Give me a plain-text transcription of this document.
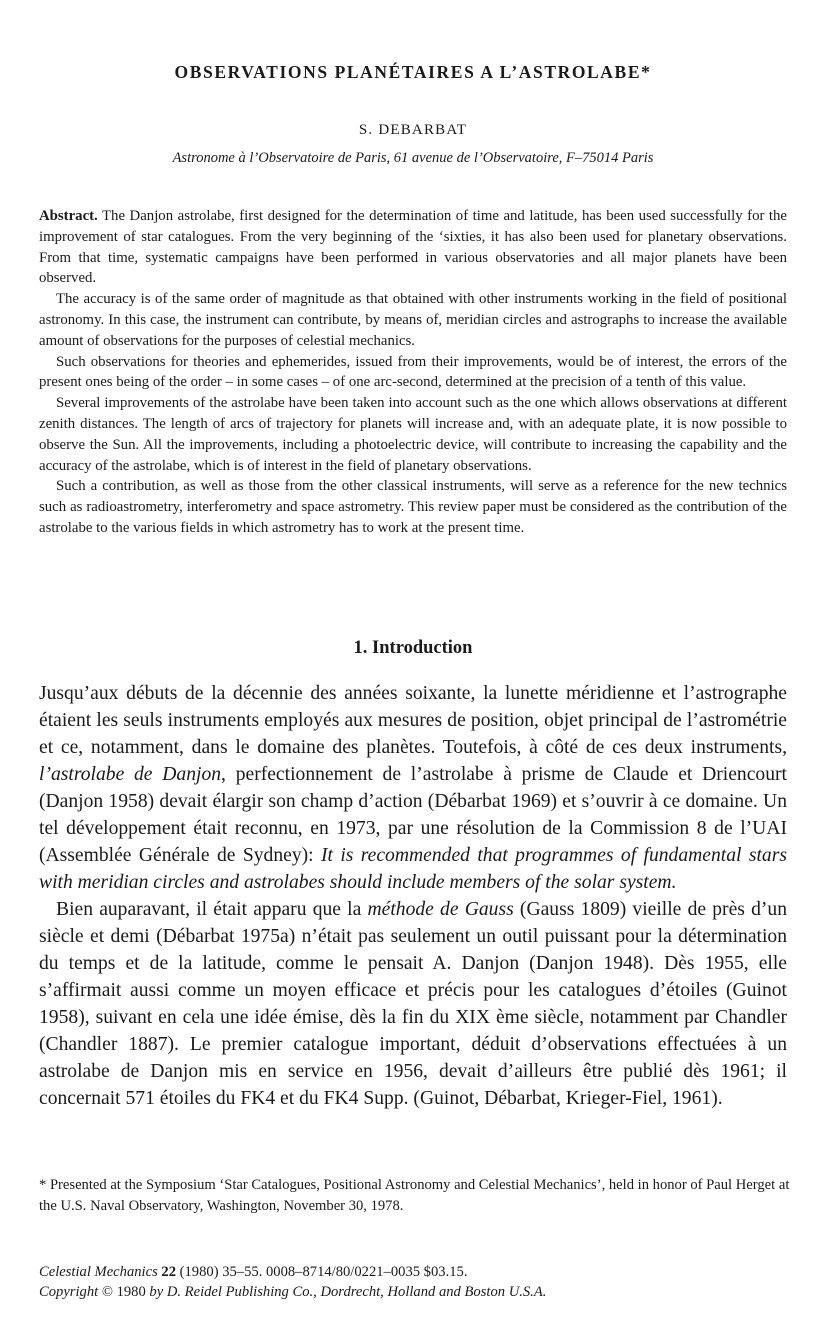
OBSERVATIONS PLANÉTAIRES A L’ASTROLABE*
S. DEBARBAT
Astronome à l’Observatoire de Paris, 61 avenue de l’Observatoire, F–75014 Paris

Abstract. The Danjon astrolabe, first designed for the determination of time and latitude, has been used successfully for the improvement of star catalogues. From the very beginning of the ‘sixties, it has also been used for planetary observations. From that time, systematic campaigns have been performed in various observatories and all major planets have been observed.

The accuracy is of the same order of magnitude as that obtained with other instruments working in the field of positional astronomy. In this case, the instrument can contribute, by means of, meridian circles and astrographs to increase the available amount of observations for the purposes of celestial mechanics.

Such observations for theories and ephemerides, issued from their improvements, would be of interest, the errors of the present ones being of the order – in some cases – of one arc-second, determined at the precision of a tenth of this value.

Several improvements of the astrolabe have been taken into account such as the one which allows observations at different zenith distances. The length of arcs of trajectory for planets will increase and, with an adequate plate, it is now possible to observe the Sun. All the improvements, including a photoelectric device, will contribute to increasing the capability and the accuracy of the astrolabe, which is of interest in the field of planetary observations.

Such a contribution, as well as those from the other classical instruments, will serve as a reference for the new technics such as radioastrometry, interferometry and space astrometry. This review paper must be considered as the contribution of the astrolabe to the various fields in which astrometry has to work at the present time.

1. Introduction

Jusqu’aux débuts de la décennie des années soixante, la lunette méridienne et l’astrographe étaient les seuls instruments employés aux mesures de position, objet principal de l’astrométrie et ce, notamment, dans le domaine des planètes. Toutefois, à côté de ces deux instruments, l’astrolabe de Danjon, perfectionnement de l’astrolabe à prisme de Claude et Driencourt (Danjon 1958) devait élargir son champ d’action (Débarbat 1969) et s’ouvrir à ce domaine. Un tel développement était reconnu, en 1973, par une résolution de la Commission 8 de l’UAI (Assemblée Générale de Sydney): It is recommended that programmes of fundamental stars with meridian circles and astrolabes should include members of the solar system.

Bien auparavant, il était apparu que la méthode de Gauss (Gauss 1809) vieille de près d’un siècle et demi (Débarbat 1975a) n’était pas seulement un outil puissant pour la détermination du temps et de la latitude, comme le pensait A. Danjon (Danjon 1948). Dès 1955, elle s’affirmait aussi comme un moyen efficace et précis pour les catalogues d’étoiles (Guinot 1958), suivant en cela une idée émise, dès la fin du XIX ème siècle, notamment par Chandler (Chandler 1887). Le premier catalogue important, déduit d’observations effectuées à un astrolabe de Danjon mis en service en 1956, devait d’ailleurs être publié dès 1961; il concernait 571 étoiles du FK4 et du FK4 Supp. (Guinot, Débarbat, Krieger-Fiel, 1961).

* Presented at the Symposium ‘Star Catalogues, Positional Astronomy and Celestial Mechanics’, held in honor of Paul Herget at the U.S. Naval Observatory, Washington, November 30, 1978.
Celestial Mechanics 22 (1980) 35–55. 0008–8714/80/0221–0035 $03.15.
Copyright © 1980 by D. Reidel Publishing Co., Dordrecht, Holland and Boston U.S.A.
